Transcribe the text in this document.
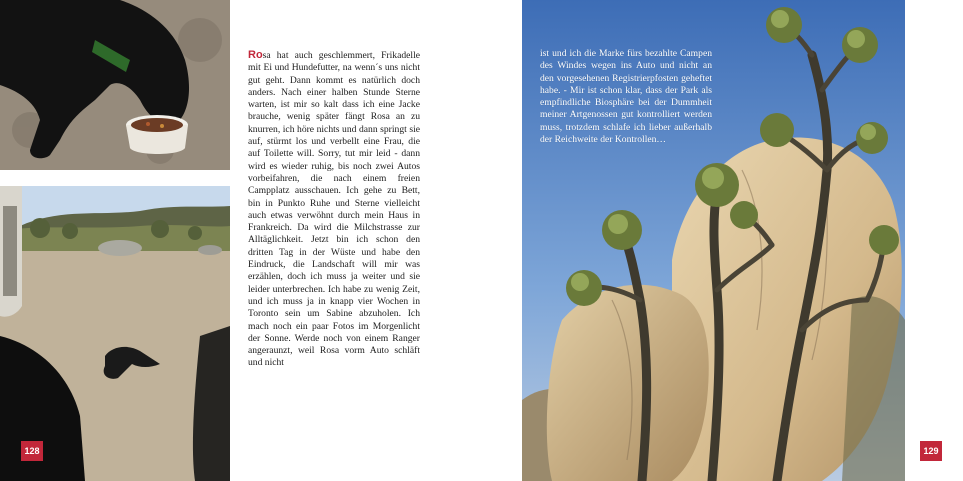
128

Rosa hat auch geschlemmert, Frikadelle mit Ei und Hundefutter, na wenn´s uns nicht gut geht. Dann kommt es natürlich doch anders. Nach einer halben Stunde Sterne warten, ist mir so kalt dass ich eine Jacke brauche, wenig später fängt Rosa an zu knurren, ich höre nichts und dann springt sie auf, stürmt los und verbellt eine Frau, die auf Toilette will. Sorry, tut mir leid - dann wird es wieder ruhig, bis noch zwei Autos vorbeifahren, die nach einem freien Campplatz ausschauen. Ich gehe zu Bett, bin in Punkto Ruhe und Sterne vielleicht auch etwas verwöhnt durch mein Haus in Frankreich. Da wird die Milchstrasse zur Alltäglichkeit. Jetzt bin ich schon den dritten Tag in der Wüste und habe den Eindruck, die Landschaft will mir was erzählen, doch ich muss ja weiter und sie leider unterbrechen. Ich habe zu wenig Zeit, und ich muss ja in knapp vier Wochen in Toronto sein um Sabine abzuholen. Ich mach noch ein paar Fotos im Morgenlicht der Sonne. Werde noch von einem Ranger angeraunzt, weil Rosa vorm Auto schläft und nicht

ist und ich die Marke fürs bezahlte Campen des Windes wegen ins Auto und nicht an den vorgesehenen Registrierpfosten geheftet habe. - Mir ist schon klar, dass der Park als empfindliche Biosphäre bei der Dummheit meiner Artgenossen gut kontrolliert werden muss, trotzdem schlafe ich lieber außerhalb der Reichweite der Kontrollen…

129
